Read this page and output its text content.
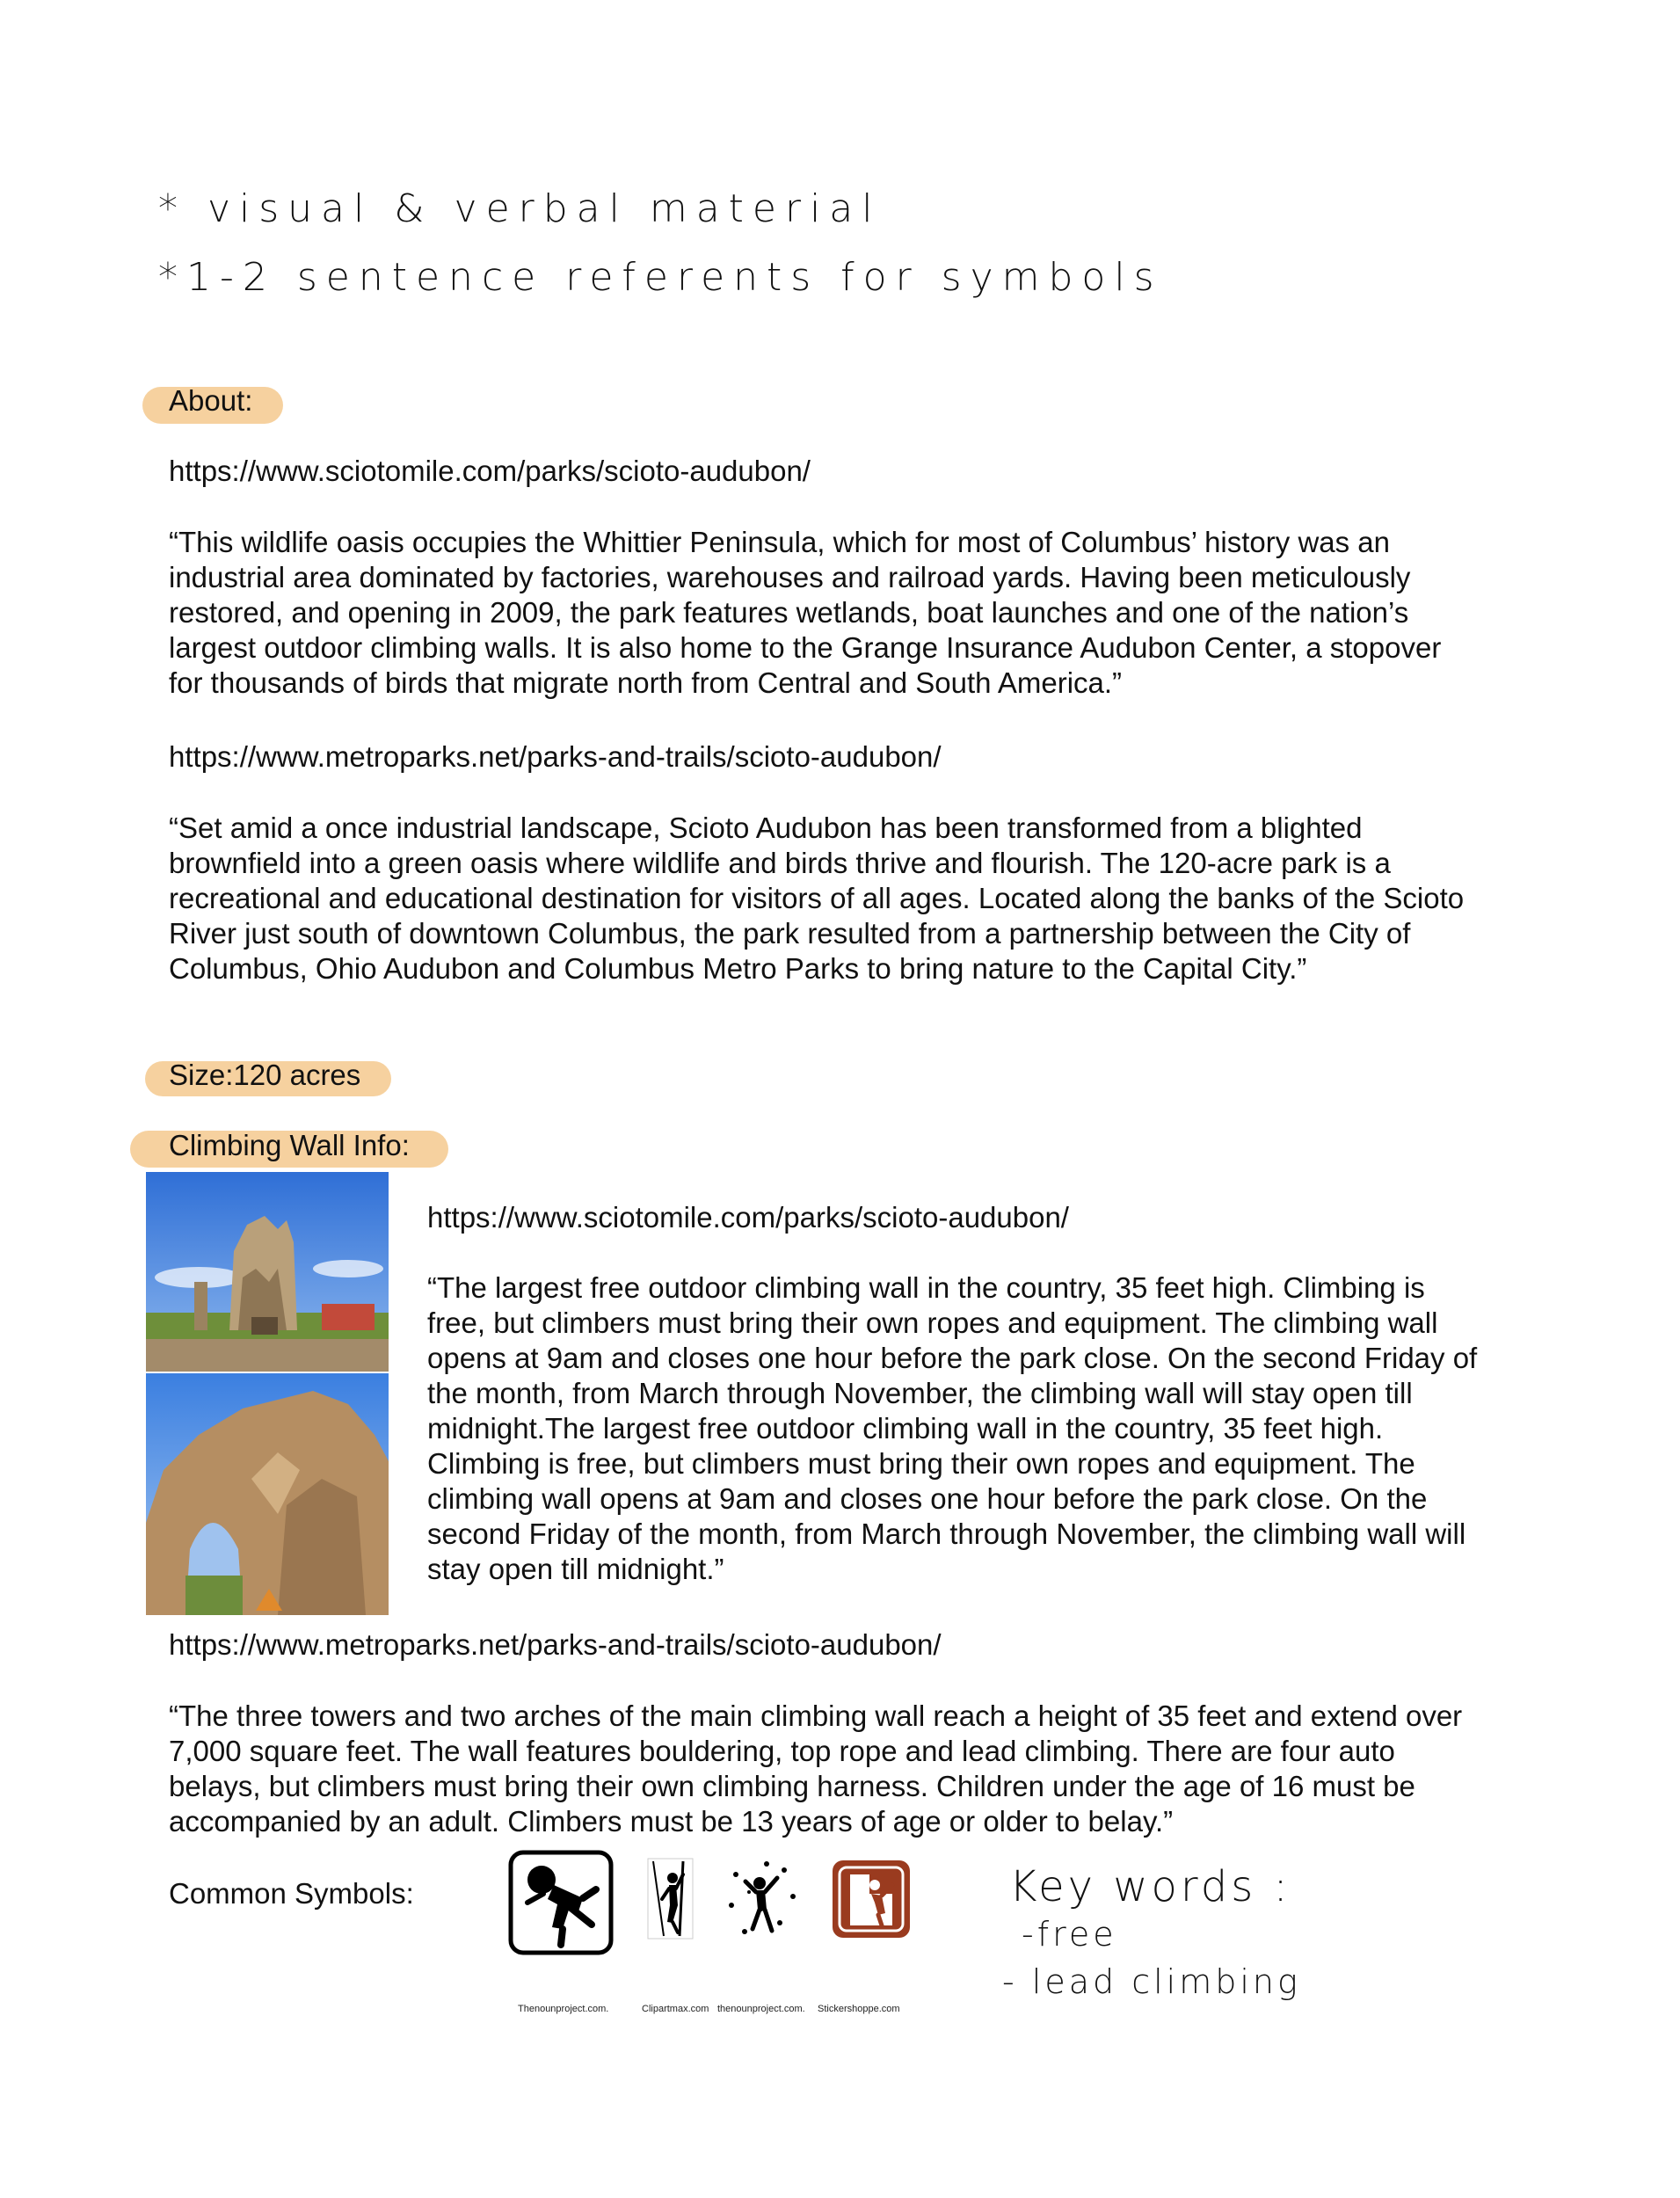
* visual & verbal material
*1-2 sentence referents for symbols
About:
https://www.sciotomile.com/parks/scioto-audubon/

“This wildlife oasis occupies the Whittier Peninsula, which for most of Columbus’ history was an

industrial area dominated by factories, warehouses and railroad yards. Having been meticulously

restored, and opening in 2009, the park features wetlands, boat launches and one of the nation’s

largest outdoor climbing walls. It is also home to the Grange Insurance Audubon Center, a stopover

for thousands of birds that migrate north from Central and South America.”

https://www.metroparks.net/parks-and-trails/scioto-audubon/

“Set amid a once industrial landscape, Scioto Audubon has been transformed from a blighted

brownfield into a green oasis where wildlife and birds thrive and flourish. The 120-acre park is a

recreational and educational destination for visitors of all ages. Located along the banks of the Scioto

River just south of downtown Columbus, the park resulted from a partnership between the City of

Columbus, Ohio Audubon and Columbus Metro Parks to bring nature to the Capital City.”

Size:120 acres
Climbing Wall Info:
https://www.sciotomile.com/parks/scioto-audubon/

“The largest free outdoor climbing wall in the country, 35 feet high. Climbing is

free, but climbers must bring their own ropes and equipment. The climbing wall

opens at 9am and closes one hour before the park close. On the second Friday of

the month, from March through November, the climbing wall will stay open till

midnight.The largest free outdoor climbing wall in the country, 35 feet high.

Climbing is free, but climbers must bring their own ropes and equipment. The

climbing wall opens at 9am and closes one hour before the park close. On the

second Friday of the month, from March through November, the climbing wall will

stay open till midnight.”

https://www.metroparks.net/parks-and-trails/scioto-audubon/

“The three towers and two arches of the main climbing wall reach a height of 35 feet and extend over

7,000 square feet. The wall features bouldering, top rope and lead climbing. There are four auto

belays, but climbers must bring their own climbing harness. Children under the age of 16 must be

accompanied by an adult. Climbers must be 13 years of age or older to belay.”

Common Symbols:
Thenounproject.com.	Clipartmax.com thenounproject.com. Stickershoppe.com
Key words :
-free
- lead climbing
